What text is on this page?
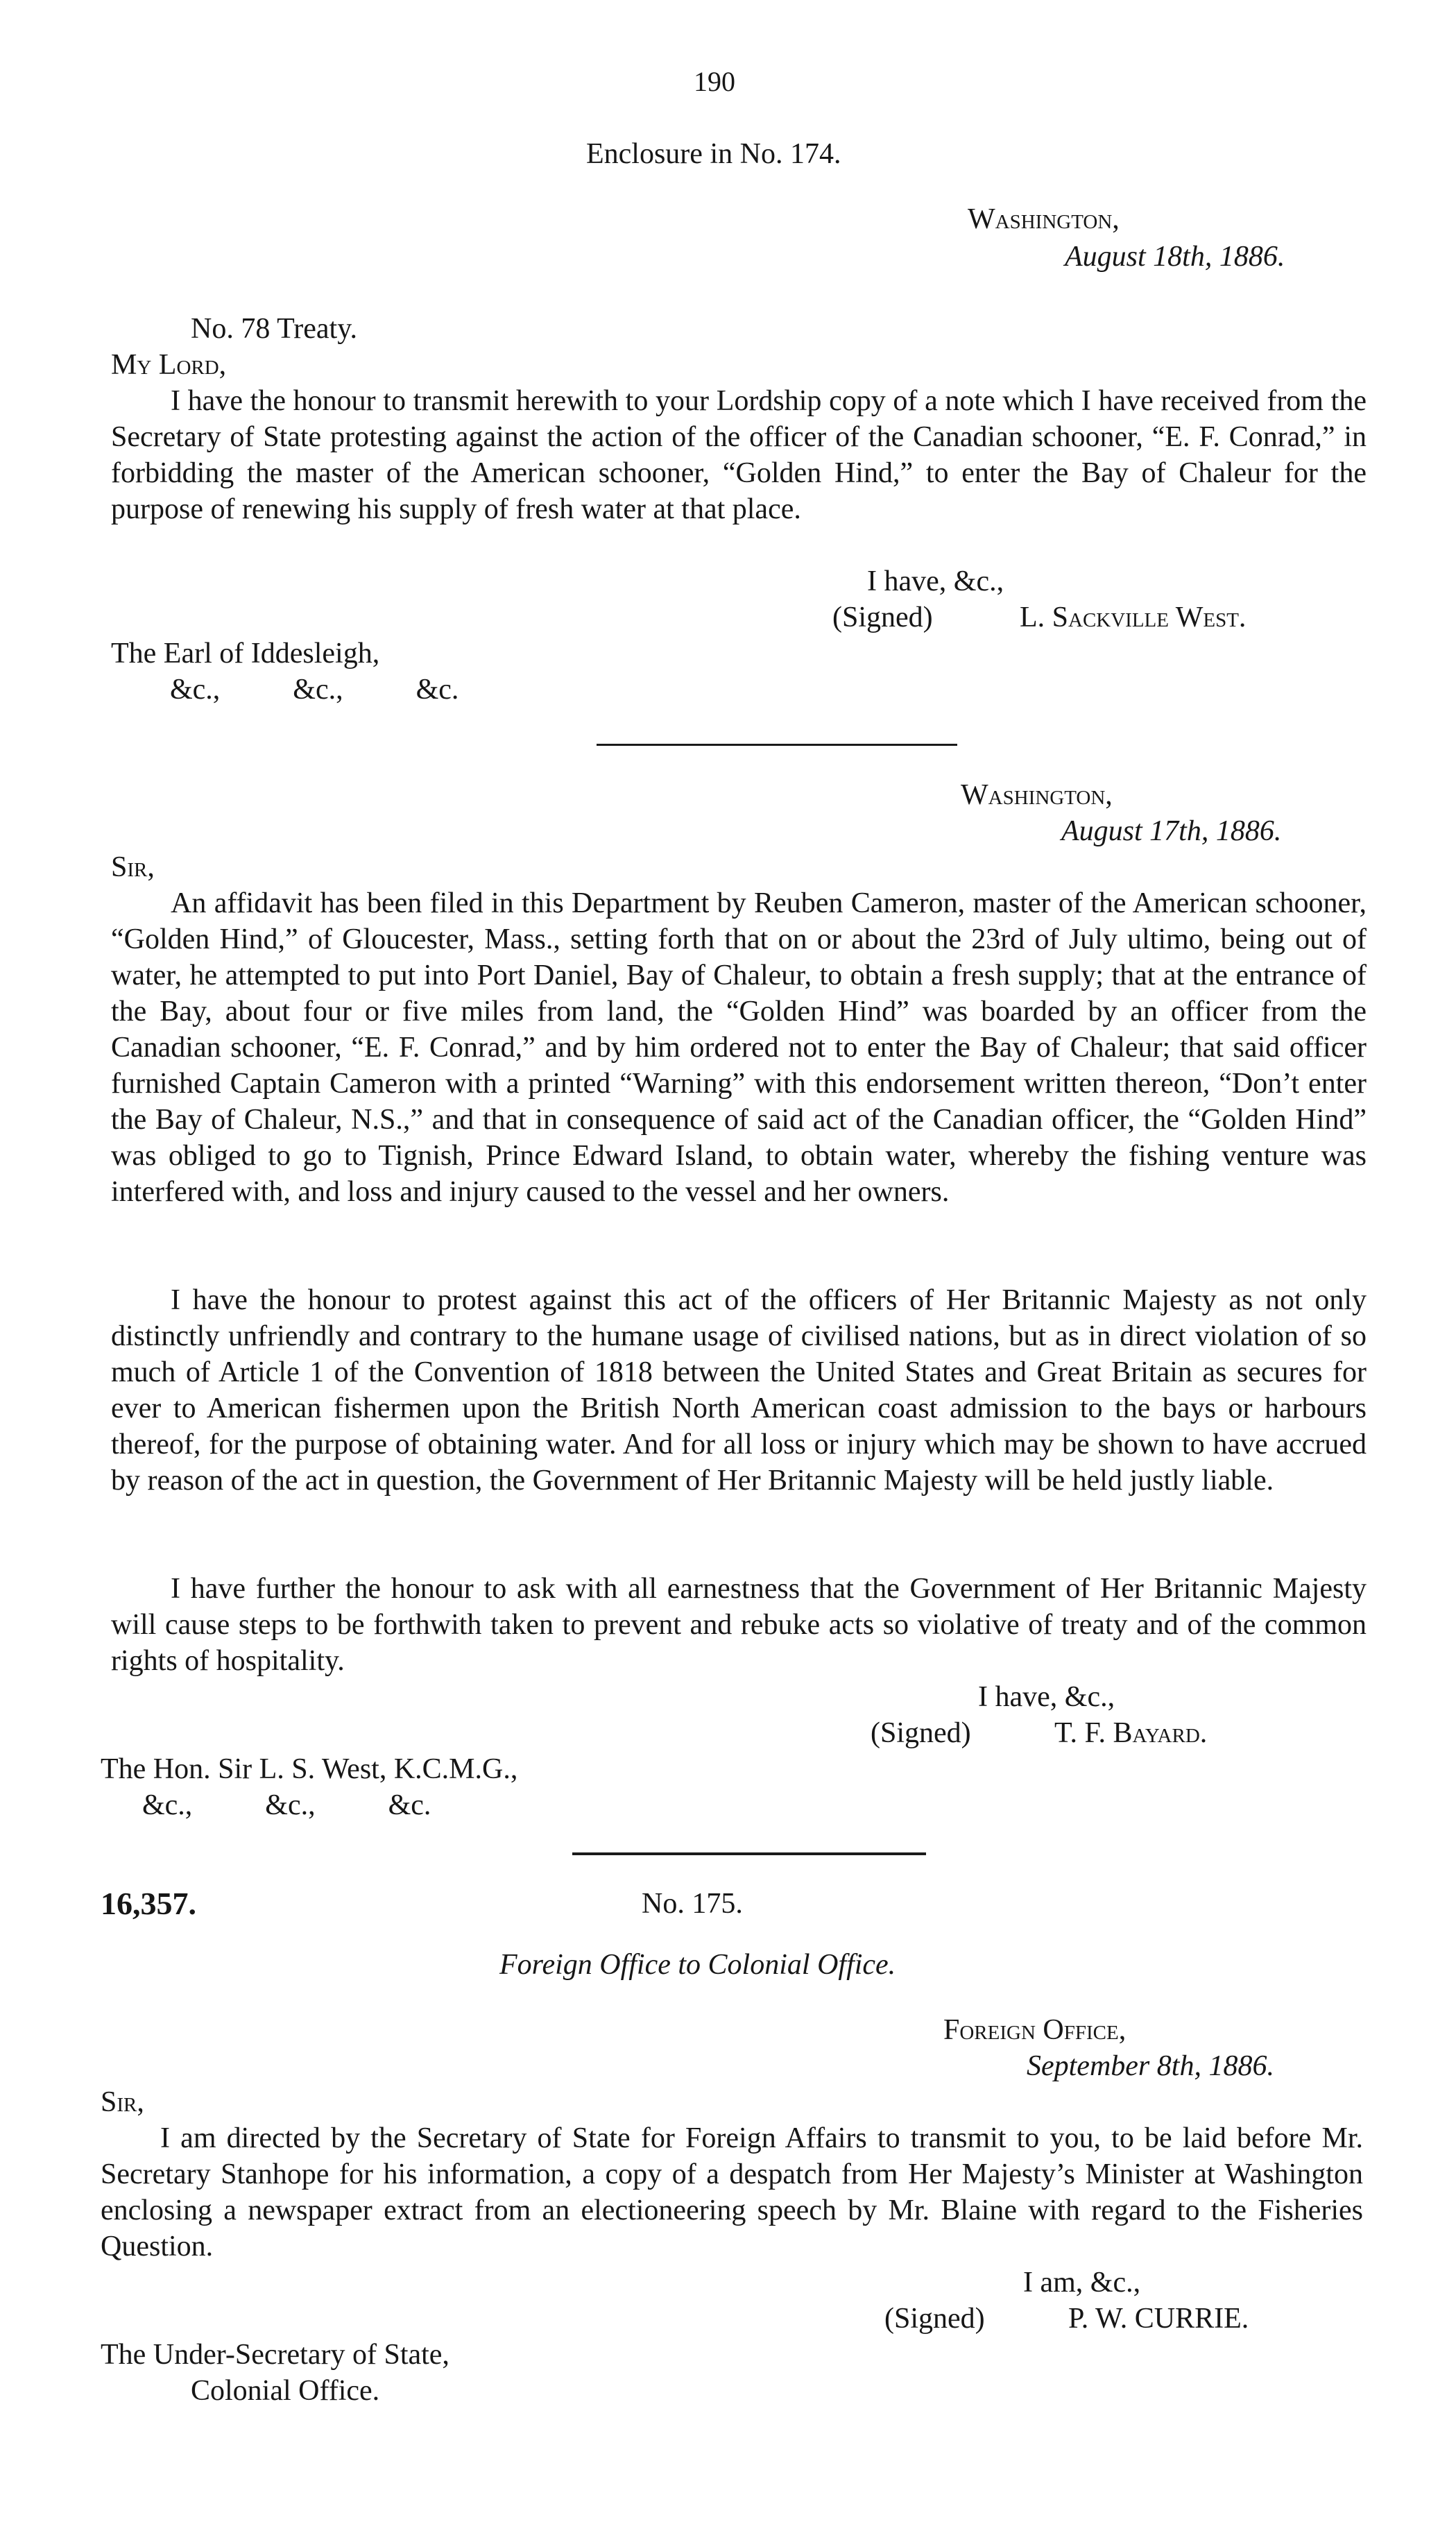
190
Enclosure in No. 174.
Washington,
August 18th, 1886.
No. 78 Treaty.
My Lord,
I have the honour to transmit herewith to your Lordship copy of a note which I have received from the Secretary of State protesting against the action of the officer of the Canadian schooner, “E. F. Conrad,” in forbidding the master of the American schooner, “Golden Hind,” to enter the Bay of Chaleur for the purpose of renewing his supply of fresh water at that place.
I have, &c.,
(Signed)	L. Sackville West.
The Earl of Iddesleigh,
&c.,          &c.,          &c.
Washington,
August 17th, 1886.
Sir,
An affidavit has been filed in this Department by Reuben Cameron, master of the American schooner, “Golden Hind,” of Gloucester, Mass., setting forth that on or about the 23rd of July ultimo, being out of water, he attempted to put into Port Daniel, Bay of Chaleur, to obtain a fresh supply; that at the entrance of the Bay, about four or five miles from land, the “Golden Hind” was boarded by an officer from the Canadian schooner, “E. F. Conrad,” and by him ordered not to enter the Bay of Chaleur; that said officer furnished Captain Cameron with a printed “Warning” with this endorsement written thereon, “Don’t enter the Bay of Chaleur, N.S.,” and that in consequence of said act of the Canadian officer, the “Golden Hind” was obliged to go to Tignish, Prince Edward Island, to obtain water, whereby the fishing venture was interfered with, and loss and injury caused to the vessel and her owners.
I have the honour to protest against this act of the officers of Her Britannic Majesty as not only distinctly unfriendly and contrary to the humane usage of civilised nations, but as in direct violation of so much of Article 1 of the Convention of 1818 between the United States and Great Britain as secures for ever to American fishermen upon the British North American coast admission to the bays or harbours thereof, for the purpose of obtaining water. And for all loss or injury which may be shown to have accrued by reason of the act in question, the Government of Her Britannic Majesty will be held justly liable.
I have further the honour to ask with all earnestness that the Government of Her Britannic Majesty will cause steps to be forthwith taken to prevent and rebuke acts so violative of treaty and of the common rights of hospitality.
I have, &c.,
(Signed)	T. F. Bayard.
The Hon. Sir L. S. West, K.C.M.G.,
&c.,          &c.,          &c.
16,357.	No. 175.
Foreign Office to Colonial Office.
Foreign Office,
September 8th, 1886.
Sir,
I am directed by the Secretary of State for Foreign Affairs to transmit to you, to be laid before Mr. Secretary Stanhope for his information, a copy of a despatch from Her Majesty’s Minister at Washington enclosing a newspaper extract from an electioneering speech by Mr. Blaine with regard to the Fisheries Question.
I am, &c.,
(Signed)	P. W. CURRIE.
The Under-Secretary of State,
Colonial Office.
